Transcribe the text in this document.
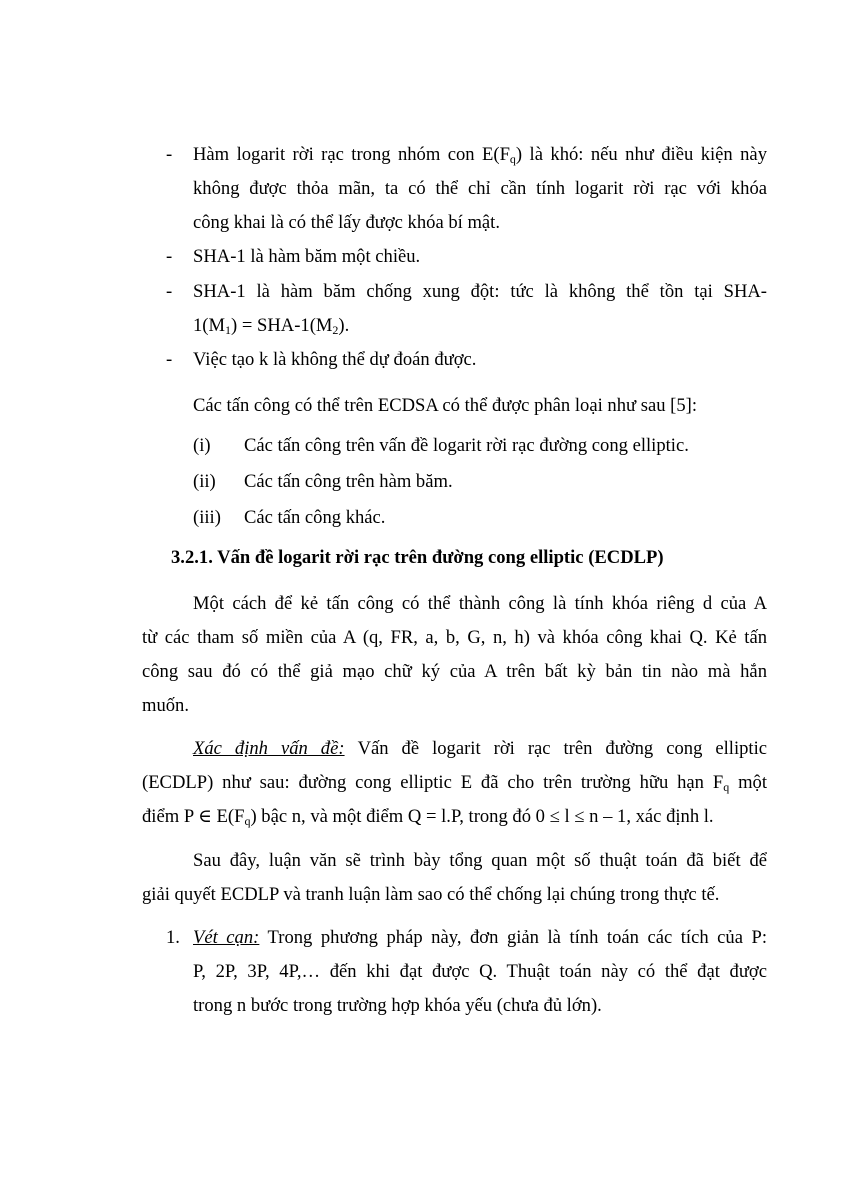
- Hàm logarit rời rạc trong nhóm con $E(F_q)$ là khó: nếu như điều kiện này
không được thỏa mãn, ta có thể chỉ cần tính logarit rời rạc với khóa
công khai là có thể lấy được khóa bí mật.
- SHA-1 là hàm băm một chiều.
- SHA-1 là hàm băm chống xung đột: tức là không thể tồn tại SHA-
$1(M_1) = SHA-1(M_2)$.
- Việc tạo k là không thể dự đoán được.
Các tấn công có thể trên ECDSA có thể được phân loại như sau [5]:
(i) Các tấn công trên vấn đề logarit rời rạc đường cong elliptic.
(ii) Các tấn công trên hàm băm.
(iii) Các tấn công khác.
3.2.1. Vấn đề logarit rời rạc trên đường cong elliptic (ECDLP)
Một cách để kẻ tấn công có thể thành công là tính khóa riêng d của A
từ các tham số miền của A (q, FR, a, b, G, n, h) và khóa công khai Q. Kẻ tấn
công sau đó có thể giả mạo chữ ký của A trên bất kỳ bản tin nào mà hắn
muốn.
Xác định vấn đề: Vấn đề logarit rời rạc trên đường cong elliptic
(ECDLP) như sau: đường cong elliptic E đã cho trên trường hữu hạn $F_q$ một
điểm P ∈ $E(F_q)$ bậc n, và một điểm Q = l.P, trong đó 0 ≤ l ≤ n – 1, xác định l.
Sau đây, luận văn sẽ trình bày tổng quan một số thuật toán đã biết để
giải quyết ECDLP và tranh luận làm sao có thể chống lại chúng trong thực tế.
1. Vét cạn: Trong phương pháp này, đơn giản là tính toán các tích của P:
P, 2P, 3P, 4P,… đến khi đạt được Q. Thuật toán này có thể đạt được
trong n bước trong trường hợp khóa yếu (chưa đủ lớn).
